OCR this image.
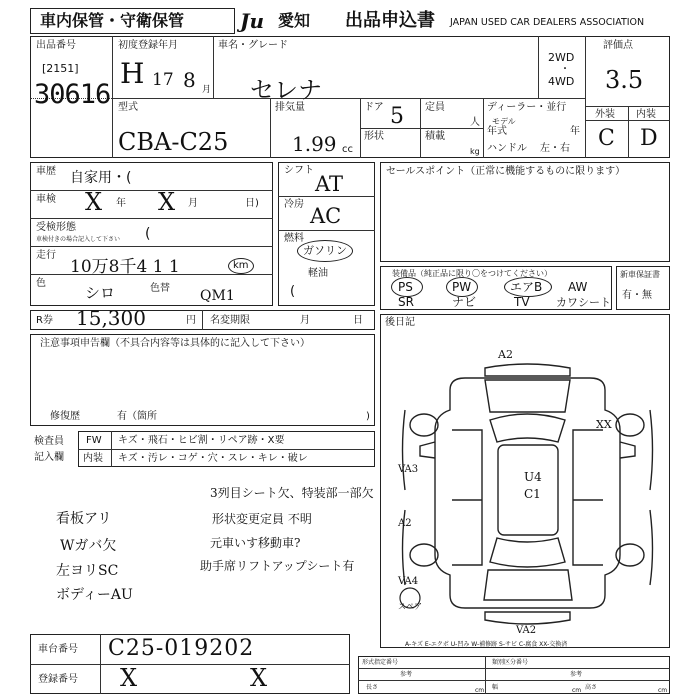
車内保管・守衛保管	Ju 愛知 出品申込書 JAPAN USED CAR DEALERS ASSOCIATION
出品番号
[2151]
30616
初度登録年月
H 17 8 月
車名・グレード
セレナ
2WD
・
4WD
評価点
3.5
型式
CBA-C25
排気量
1.99 cc
ドア 5
形状
定員
人
積載
kg
ディーラー・並行
モデル
年式	年
ハンドル 左・右
外装 内装
C D
車歴 自家用・(
車検 X 年 X 月	日)
受検形態
車検付きの場合記入して下さい (
走行
10万8千4 1 1	km
色
シロ	色替 QM1
シフト
AT
冷房 AC
燃料
ガソリン
軽油
(
セールスポイント（正常に機能するものに限ります）
装備品（純正品に限り〇をつけてください）
PS	PW	エアB AW
SR	ナビ	TV カワシート
新車保証書
有・無
R券 15,300	円 名変期限	月	日 後日記
注意事項申告欄（不具合内容等は具体的に記入して下さい）
修復歴	有（箇所	)
検査員
記入欄
FW キズ・飛石・ヒビ割・リペア跡・X要
内装 キズ・汚レ・コゲ・穴・スレ・キレ・破レ
看板アリ
Wガバ欠
左ヨリSC
ボディーAU
3列目シート欠、特装部一部欠
形状変更定員 不明
元車いす移動車?
助手席リフトアップシート有
A2
XX
VA3
A2
VA4
スペア
U4
C1
VA2
A-キズ E-エクボ U-凹み W-補修跡 S-サビ C-腐食 XX-交換済
車台番号 C25-019202
登録番号 X	X
形式指定番号	類別区分番号
参考	参考
長さ	cm 幅	cm 高さ	cm
